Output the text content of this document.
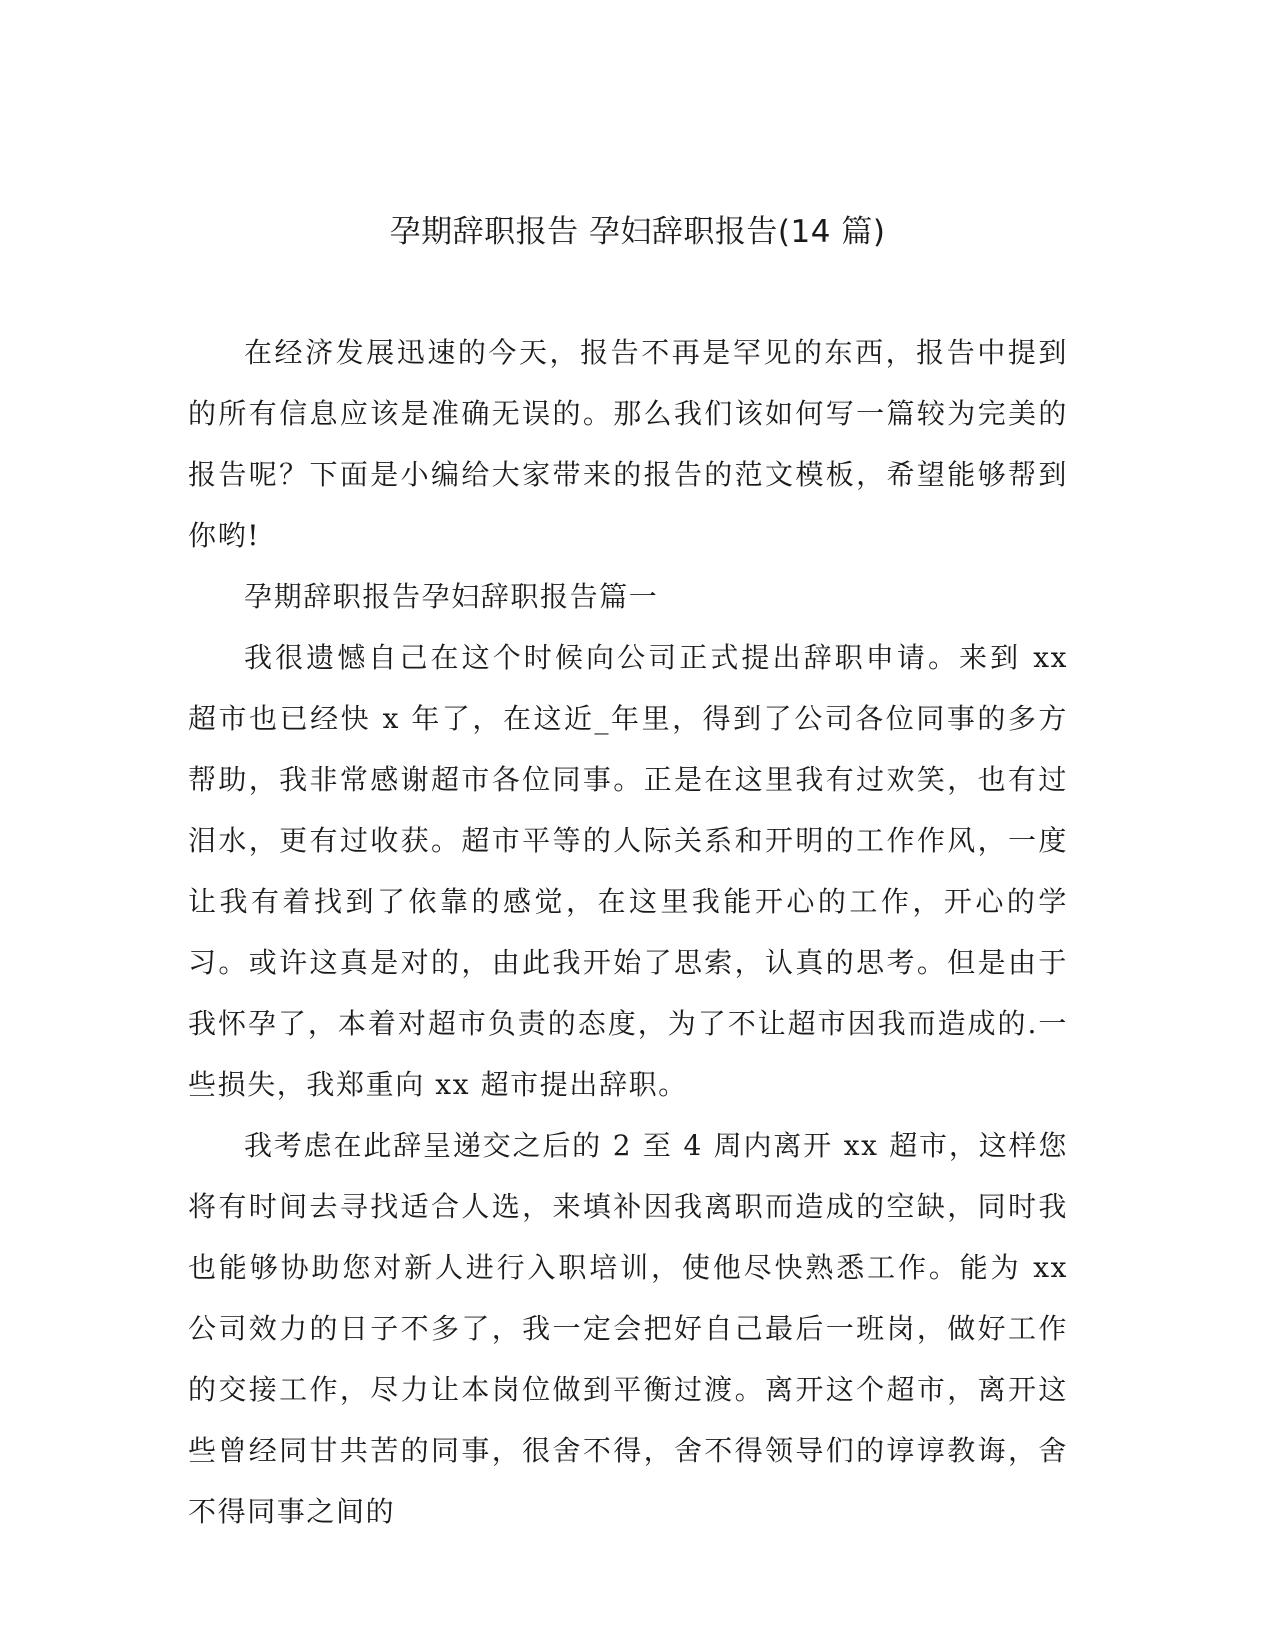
孕期辞职报告 孕妇辞职报告(14 篇)

在经济发展迅速的今天，报告不再是罕见的东西，报告中提到的所有信息应该是准确无误的。那么我们该如何写一篇较为完美的报告呢？下面是小编给大家带来的报告的范文模板，希望能够帮到你哟!

孕期辞职报告孕妇辞职报告篇一

我很遗憾自己在这个时候向公司正式提出辞职申请。来到 xx 超市也已经快 x 年了，在这近_年里，得到了公司各位同事的多方帮助，我非常感谢超市各位同事。正是在这里我有过欢笑，也有过泪水，更有过收获。超市平等的人际关系和开明的工作作风，一度让我有着找到了依靠的感觉，在这里我能开心的工作，开心的学习。或许这真是对的，由此我开始了思索，认真的思考。但是由于我怀孕了，本着对超市负责的态度，为了不让超市因我而造成的.一些损失，我郑重向 xx 超市提出辞职。

我考虑在此辞呈递交之后的 2 至 4 周内离开 xx 超市，这样您将有时间去寻找适合人选，来填补因我离职而造成的空缺，同时我也能够协助您对新人进行入职培训，使他尽快熟悉工作。能为 xx 公司效力的日子不多了，我一定会把好自己最后一班岗，做好工作的交接工作，尽力让本岗位做到平衡过渡。离开这个超市，离开这些曾经同甘共苦的同事，很舍不得，舍不得领导们的谆谆教诲，舍不得同事之间的
